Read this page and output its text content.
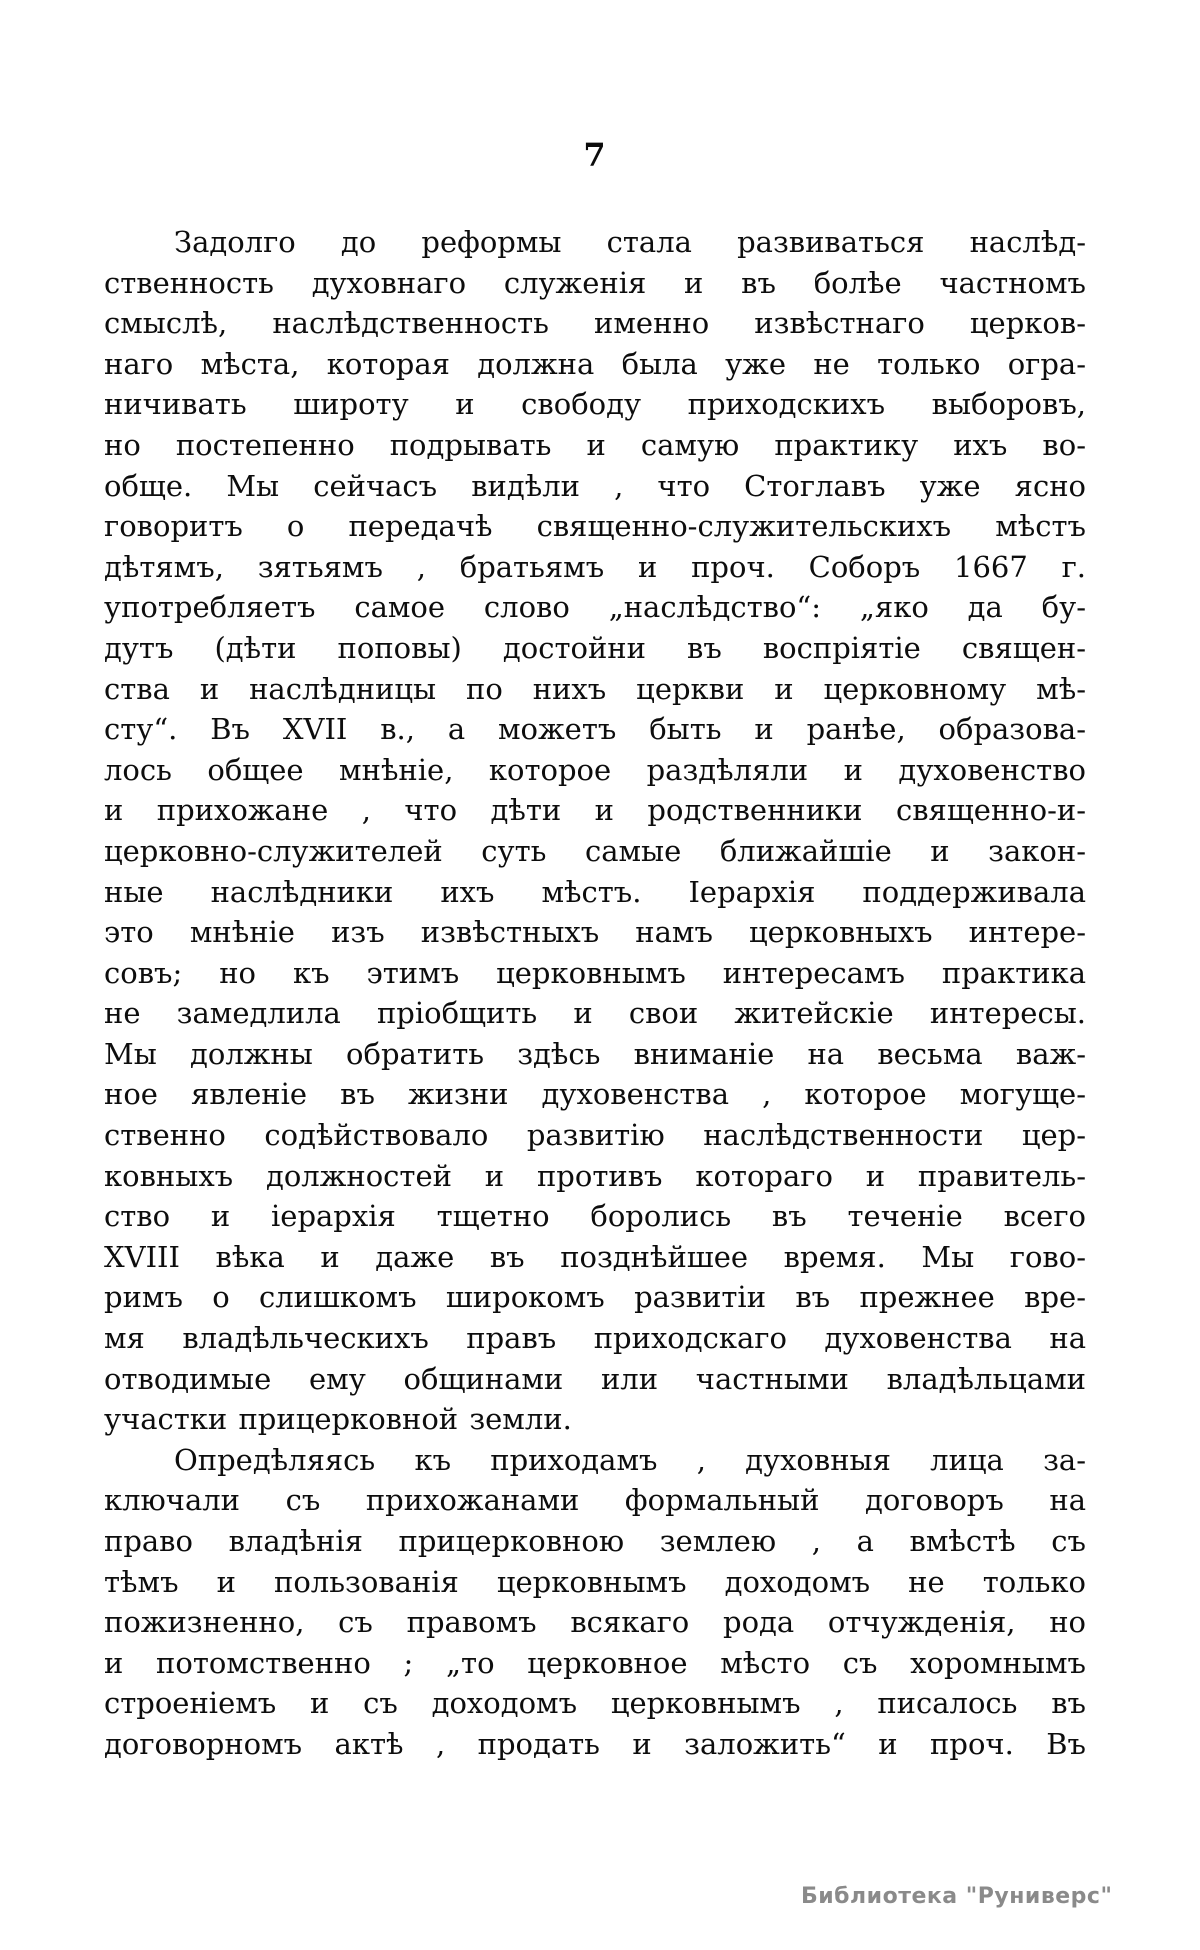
7
Задолго до реформы стала развиваться наслѣд-
ственность духовнаго служенія и въ болѣе частномъ
смыслѣ, наслѣдственность именно извѣстнаго церков-
наго мѣста, которая должна была уже не только огра-
ничивать широту и свободу приходскихъ выборовъ,
но постепенно подрывать и самую практику ихъ во-
обще. Мы сейчасъ видѣли , что Стоглавъ уже ясно
говоритъ о передачѣ священно-служительскихъ мѣстъ
дѣтямъ, зятьямъ , братьямъ и проч. Соборъ 1667 г.
употребляетъ самое слово „наслѣдство“: „яко да бу-
дутъ (дѣти поповы) достойни въ воспріятіе священ-
ства и наслѣдницы по нихъ церкви и церковному мѣ-
сту“. Въ XVII в., а можетъ быть и ранѣе, образова-
лось общее мнѣніе, которое раздѣляли и духовенство
и прихожане , что дѣти и родственники священно-и-
церковно-служителей суть самые ближайшіе и закон-
ные наслѣдники ихъ мѣстъ. Іерархія поддерживала
это мнѣніе изъ извѣстныхъ намъ церковныхъ интере-
совъ; но къ этимъ церковнымъ интересамъ практика
не замедлила пріобщить и свои житейскіе интересы.
Мы должны обратить здѣсь вниманіе на весьма важ-
ное явленіе въ жизни духовенства , которое могуще-
ственно содѣйствовало развитію наслѣдственности цер-
ковныхъ должностей и противъ котораго и правитель-
ство и іерархія тщетно боролись въ теченіе всего
XVIII вѣка и даже въ позднѣйшее время. Мы гово-
римъ о слишкомъ широкомъ развитіи въ прежнее вре-
мя владѣльческихъ правъ приходскаго духовенства на
отводимые ему общинами или частными владѣльцами
участки прицерковной земли.
Опредѣляясь къ приходамъ , духовныя лица за-
ключали съ прихожанами формальный договоръ на
право владѣнія прицерковною землею , а вмѣстѣ съ
тѣмъ и пользованія церковнымъ доходомъ не только
пожизненно, съ правомъ всякаго рода отчужденія, но
и потомственно ; „то церковное мѣсто съ хоромнымъ
строеніемъ и съ доходомъ церковнымъ , писалось въ
договорномъ актѣ , продать и заложить“ и проч. Въ
Библиотека "Руниверс"
